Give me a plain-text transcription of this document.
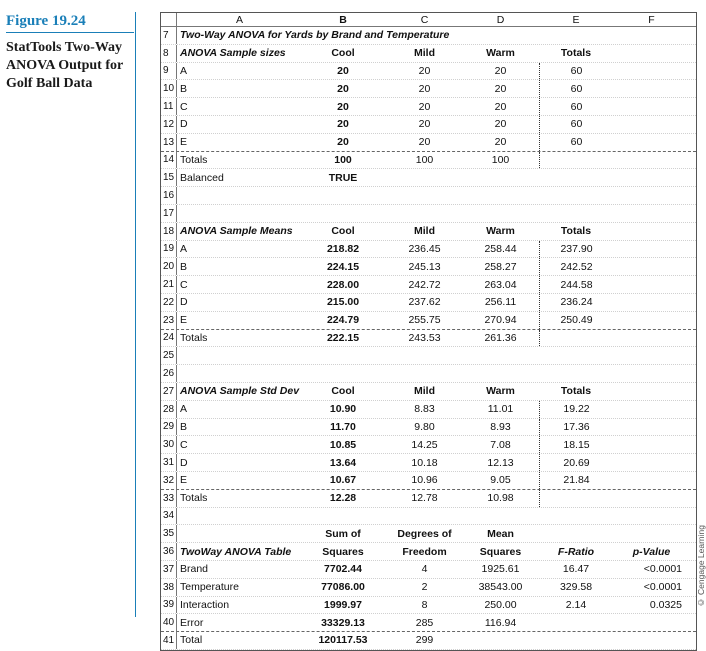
Figure 19.24
StatTools Two-Way ANOVA Output for Golf Ball Data
A	B	C	D	E	F
7	Two-Way ANOVA for Yards by Brand and Temperature
8	ANOVA Sample sizes	Cool	Mild	Warm	Totals
9	A	20	20	20	60
10 B	20	20	20	60
11 C	20	20	20	60
12 D	20	20	20	60
13 E	20	20	20	60
14 Totals	100	100	100
15 Balanced	TRUE
16
17
18 ANOVA Sample Means	Cool	Mild	Warm	Totals
19 A	218.82	236.45	258.44	237.90
20 B	224.15	245.13	258.27	242.52
21 C	228.00	242.72	263.04	244.58
22 D	215.00	237.62	256.11	236.24
23 E	224.79	255.75	270.94	250.49
24 Totals	222.15	243.53	261.36
25
26
27 ANOVA Sample Std Dev	Cool	Mild	Warm	Totals
28 A	10.90	8.83	11.01	19.22
29 B	11.70	9.80	8.93	17.36
30 C	10.85	14.25	7.08	18.15
31 D	13.64	10.18	12.13	20.69
32 E	10.67	10.96	9.05	21.84
33 Totals	12.28	12.78	10.98
34
35	Sum of	Degrees of	Mean
36 TwoWay ANOVA Table	Squares	Freedom	Squares	F-Ratio	p-Value
37 Brand	7702.44	4	1925.61	16.47	<0.0001
38 Temperature	77086.00	2	38543.00	329.58	<0.0001
39 Interaction	1999.97	8	250.00	2.14	0.0325
40 Error	33329.13	285	116.94
41 Total	120117.53	299
© Cengage Learning
